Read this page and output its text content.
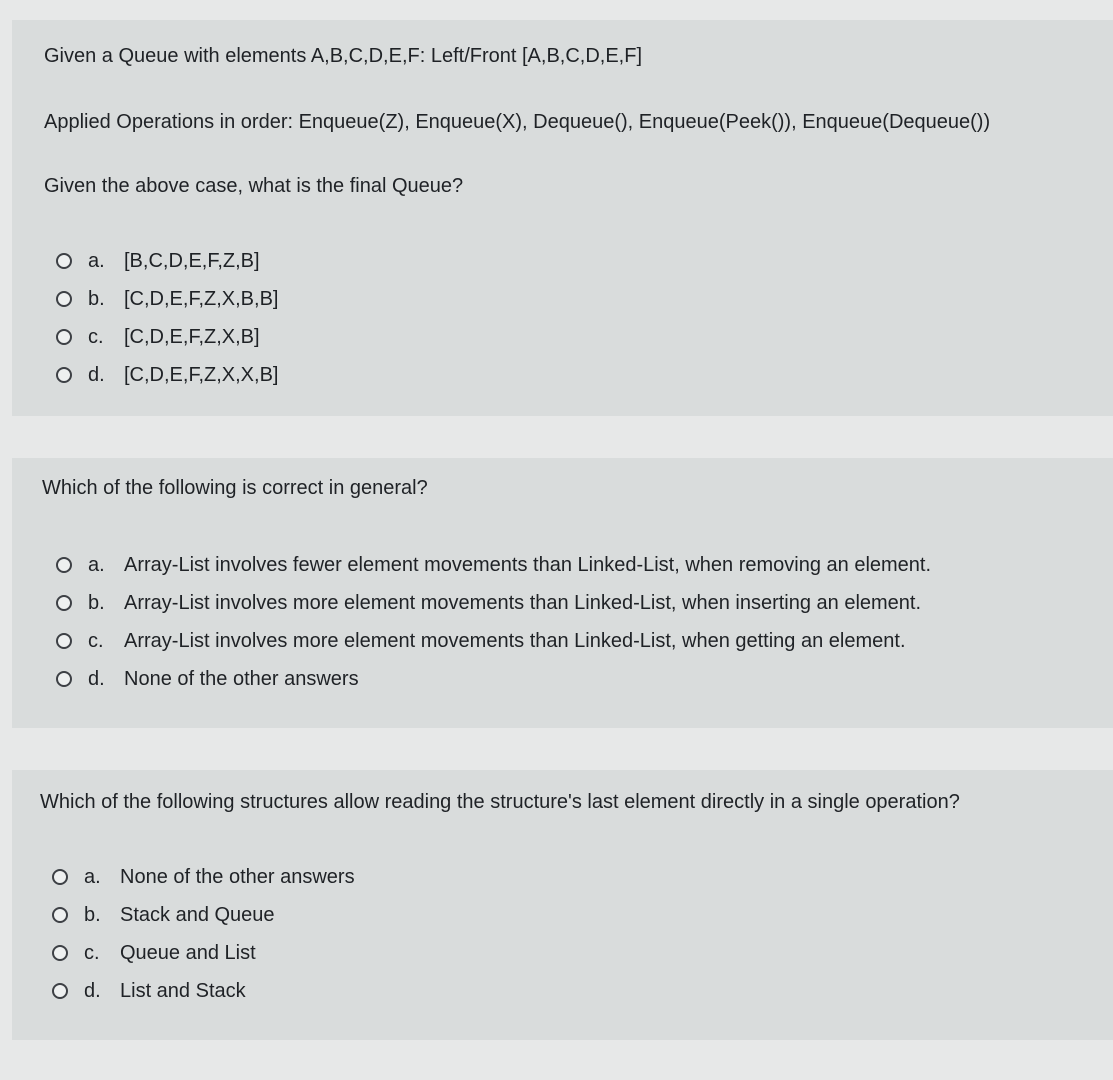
Given a Queue with elements A,B,C,D,E,F: Left/Front [A,B,C,D,E,F]

Applied Operations in order: Enqueue(Z), Enqueue(X), Dequeue(), Enqueue(Peek()), Enqueue(Dequeue())

Given the above case, what is the final Queue?

a. [B,C,D,E,F,Z,B]
b. [C,D,E,F,Z,X,B,B]
c.	[C,D,E,F,Z,X,B]
d. [C,D,E,F,Z,X,X,B]

Which of the following is correct in general?

a. Array-List involves fewer element movements than Linked-List, when removing an element.
b. Array-List involves more element movements than Linked-List, when inserting an element.
c.	Array-List involves more element movements than Linked-List, when getting an element.
d. None of the other answers

Which of the following structures allow reading the structure's last element directly in a single operation?

a. None of the other answers
b. Stack and Queue
c.	Queue and List
d. List and Stack
